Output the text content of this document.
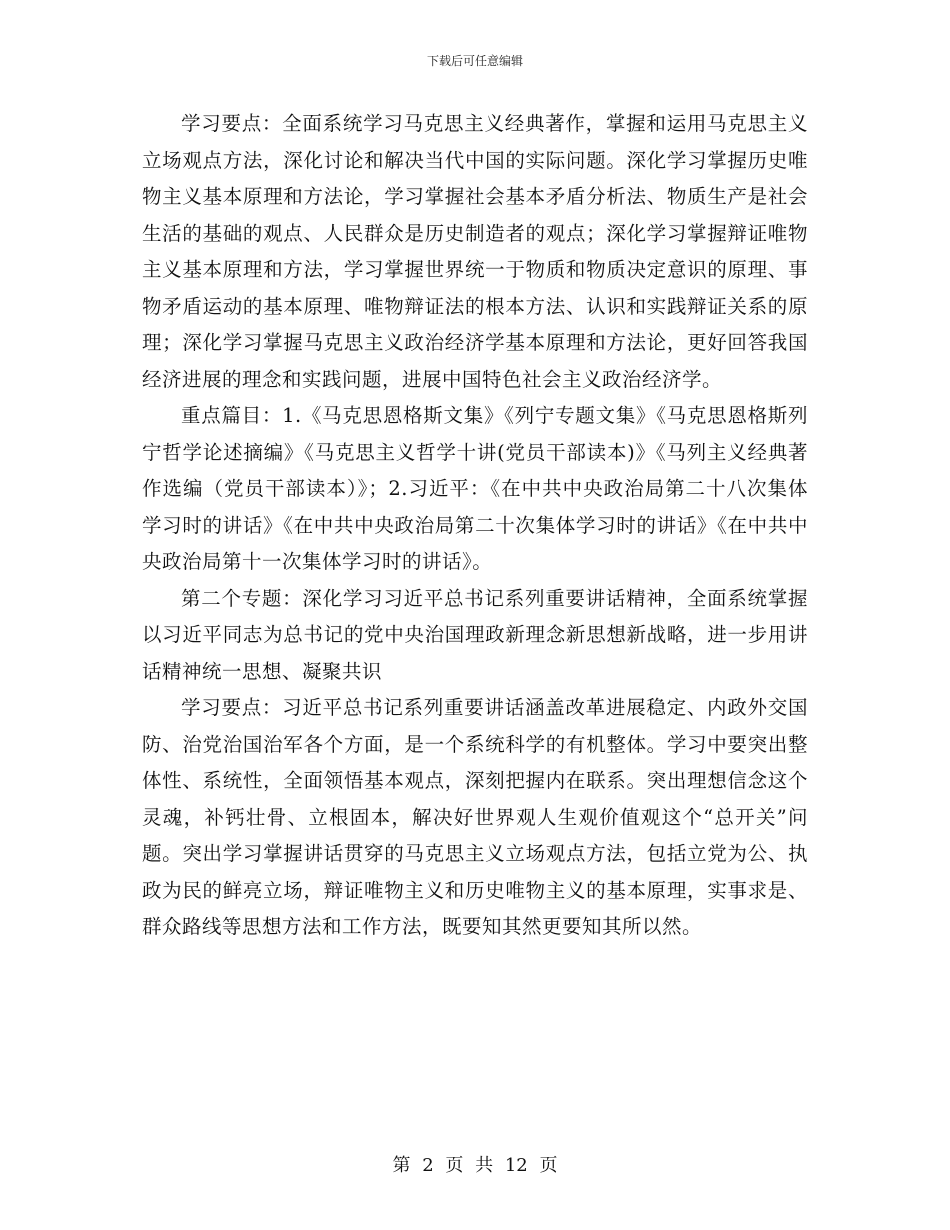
下载后可任意编辑

学习要点：全面系统学习马克思主义经典著作，掌握和运用马克思主义立场观点方法，深化讨论和解决当代中国的实际问题。深化学习掌握历史唯物主义基本原理和方法论，学习掌握社会基本矛盾分析法、物质生产是社会生活的基础的观点、人民群众是历史制造者的观点；深化学习掌握辩证唯物主义基本原理和方法，学习掌握世界统一于物质和物质决定意识的原理、事物矛盾运动的基本原理、唯物辩证法的根本方法、认识和实践辩证关系的原理；深化学习掌握马克思主义政治经济学基本原理和方法论，更好回答我国经济进展的理念和实践问题，进展中国特色社会主义政治经济学。

重点篇目：1.《马克思恩格斯文集》《列宁专题文集》《马克思恩格斯列宁哲学论述摘编》《马克思主义哲学十讲(党员干部读本)》《马列主义经典著作选编（党员干部读本）》；2.习近平：《在中共中央政治局第二十八次集体学习时的讲话》《在中共中央政治局第二十次集体学习时的讲话》《在中共中央政治局第十一次集体学习时的讲话》。

第二个专题：深化学习习近平总书记系列重要讲话精神，全面系统掌握以习近平同志为总书记的党中央治国理政新理念新思想新战略，进一步用讲话精神统一思想、凝聚共识

学习要点：习近平总书记系列重要讲话涵盖改革进展稳定、内政外交国防、治党治国治军各个方面，是一个系统科学的有机整体。学习中要突出整体性、系统性，全面领悟基本观点，深刻把握内在联系。突出理想信念这个灵魂，补钙壮骨、立根固本，解决好世界观人生观价值观这个“总开关”问题。突出学习掌握讲话贯穿的马克思主义立场观点方法，包括立党为公、执政为民的鲜亮立场，辩证唯物主义和历史唯物主义的基本原理，实事求是、群众路线等思想方法和工作方法，既要知其然更要知其所以然。

第 2 页 共 12 页
